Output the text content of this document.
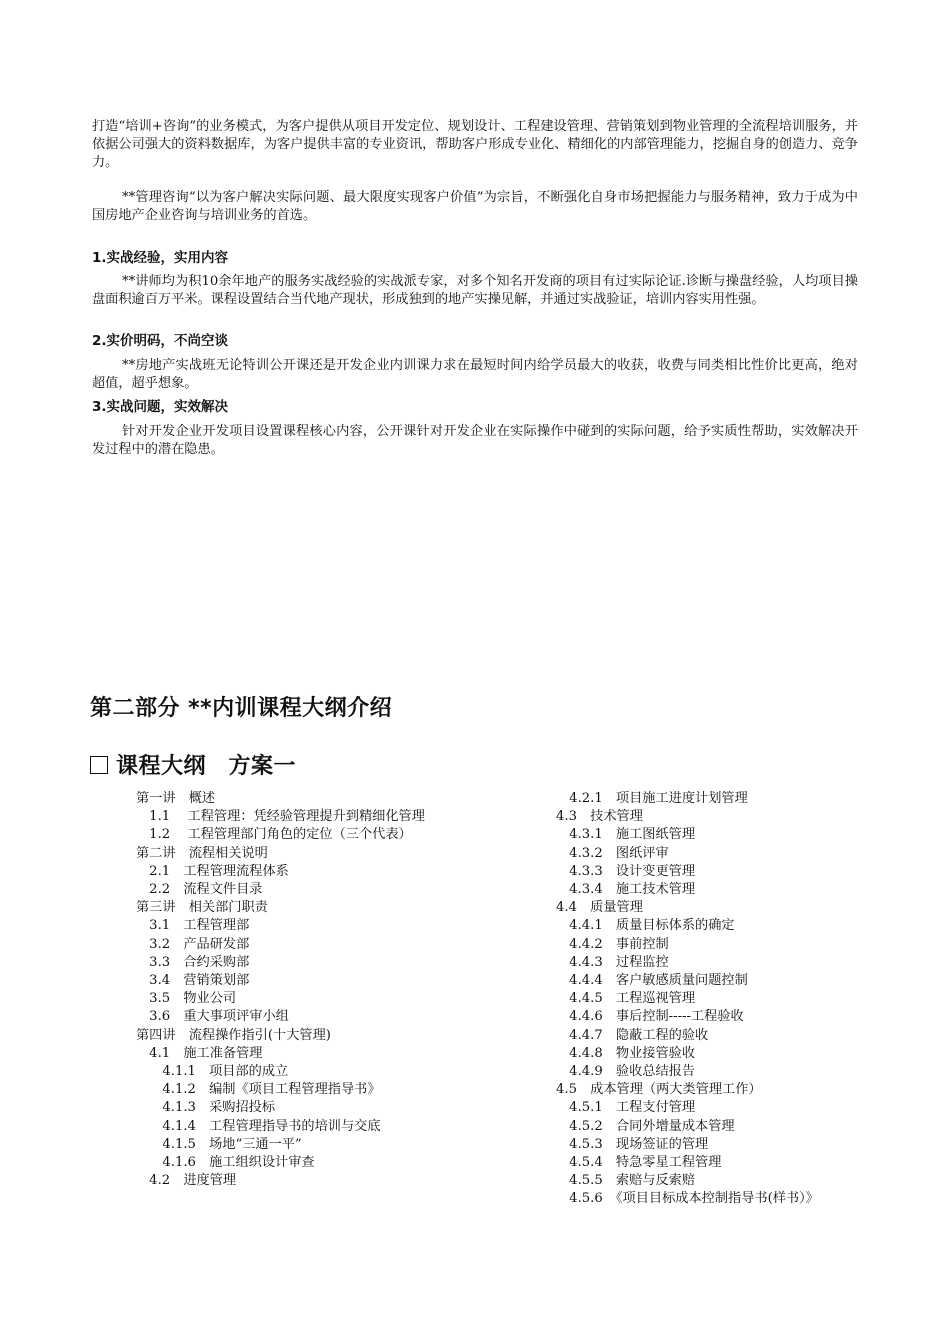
打造“培训+咨询”的业务模式，为客户提供从项目开发定位、规划设计、工程建设管理、营销策划到物业管理的全流程培训服务，并依据公司强大的资料数据库，为客户提供丰富的专业资讯，帮助客户形成专业化、精细化的内部管理能力，挖掘自身的创造力、竞争力。

**管理咨询“以为客户解决实际问题、最大限度实现客户价值”为宗旨，不断强化自身市场把握能力与服务精神，致力于成为中国房地产企业咨询与培训业务的首选。

1.实战经验，实用内容

**讲师均为积10余年地产的服务实战经验的实战派专家，对多个知名开发商的项目有过实际论证.诊断与操盘经验，人均项目操盘面积逾百万平米。课程设置结合当代地产现状，形成独到的地产实操见解，并通过实战验证，培训内容实用性强。

2.实价明码，不尚空谈

**房地产实战班无论特训公开课还是开发企业内训课力求在最短时间内给学员最大的收获，收费与同类相比性价比更高，绝对超值，超乎想象。

3.实战问题，实效解决

针对开发企业开发项目设置课程核心内容，公开课针对开发企业在实际操作中碰到的实际问题，给予实质性帮助，实效解决开发过程中的潜在隐患。

第二部分 **内训课程大纲介绍
课程大纲　方案一

第一讲　概述

　1.1　 工程管理：凭经验管理提升到精细化管理

　1.2　 工程管理部门角色的定位（三个代表）

第二讲　流程相关说明

　2.1　工程管理流程体系

　2.2　流程文件目录

第三讲　相关部门职责

　3.1　工程管理部

　3.2　产品研发部

　3.3　合约采购部

　3.4　营销策划部

　3.5　物业公司

　3.6　重大事项评审小组

第四讲　流程操作指引(十大管理)

　4.1　施工准备管理

　　4.1.1　项目部的成立

　　4.1.2　编制《项目工程管理指导书》

　　4.1.3　采购招投标

　　4.1.4　工程管理指导书的培训与交底

　　4.1.5　场地“三通一平”

　　4.1.6　施工组织设计审查

　4.2　进度管理

　4.2.1　项目施工进度计划管理

4.3　技术管理

　4.3.1　施工图纸管理

　4.3.2　图纸评审

　4.3.3　设计变更管理

　4.3.4　施工技术管理

4.4　质量管理

　4.4.1　质量目标体系的确定

　4.4.2　事前控制

　4.4.3　过程监控

　4.4.4　客户敏感质量问题控制

　4.4.5　工程巡视管理

　4.4.6　事后控制-----工程验收

　4.4.7　隐蔽工程的验收

　4.4.8　物业接管验收

　4.4.9　验收总结报告

4.5　成本管理（两大类管理工作）

　4.5.1　工程支付管理

　4.5.2　合同外增量成本管理

　4.5.3　现场签证的管理

　4.5.4　特急零星工程管理

　4.5.5　索赔与反索赔

　4.5.6　《项目目标成本控制指导书(样书）》
